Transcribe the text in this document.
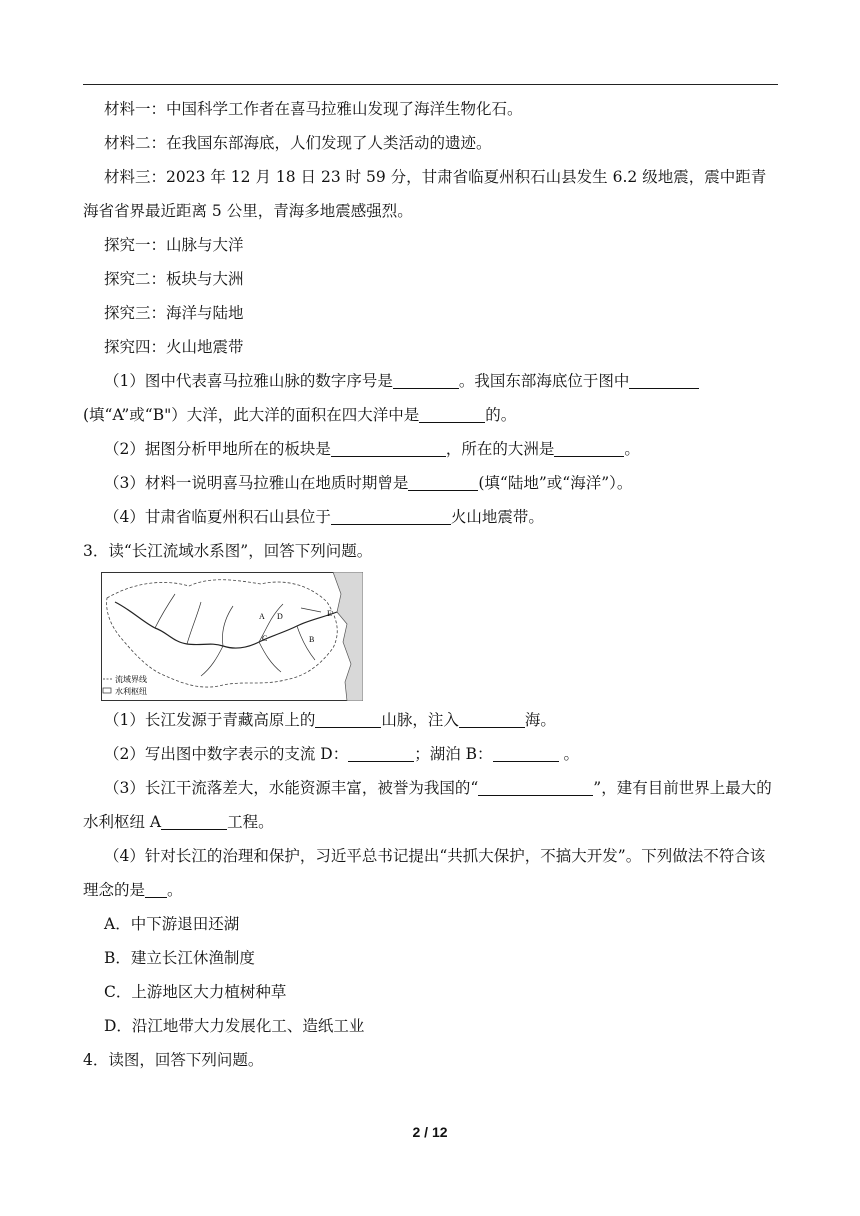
材料一：中国科学工作者在喜马拉雅山发现了海洋生物化石。

材料二：在我国东部海底，人们发现了人类活动的遗迹。

材料三：2023 年 12 月 18 日 23 时 59 分，甘肃省临夏州积石山县发生 6.2 级地震，震中距青海省省界最近距离 5 公里，青海多地震感强烈。

探究一：山脉与大洋

探究二：板块与大洲

探究三：海洋与陆地

探究四：火山地震带

（1）图中代表喜马拉雅山脉的数字序号是	。我国东部海底位于图中(填“A”或“B"）大洋，此大洋的面积在四大洋中是	的。

（2）据图分析甲地所在的板块是	，所在的大洲是	。

（3）材料一说明喜马拉雅山在地质时期曾是	(填“陆地”或“海洋”）。

（4）甘肃省临夏州积石山县位于	火山地震带。

3．读“长江流域水系图”，回答下列问题。

A
B
C
D	E
流域界线
水利枢纽

（1）长江发源于青藏高原上的	山脉，注入	海。

（2）写出图中数字表示的支流 D：	；湖泊 B：	。

（3）长江干流落差大，水能资源丰富，被誉为我国的“	”，建有目前世界上最大的水利枢纽 A	工程。

（4）针对长江的治理和保护，习近平总书记提出“共抓大保护，不搞大开发”。下列做法不符合该理念的是 。

A．中下游退田还湖

B．建立长江休渔制度

C．上游地区大力植树种草

D．沿江地带大力发展化工、造纸工业

4．读图，回答下列问题。

2 / 12
